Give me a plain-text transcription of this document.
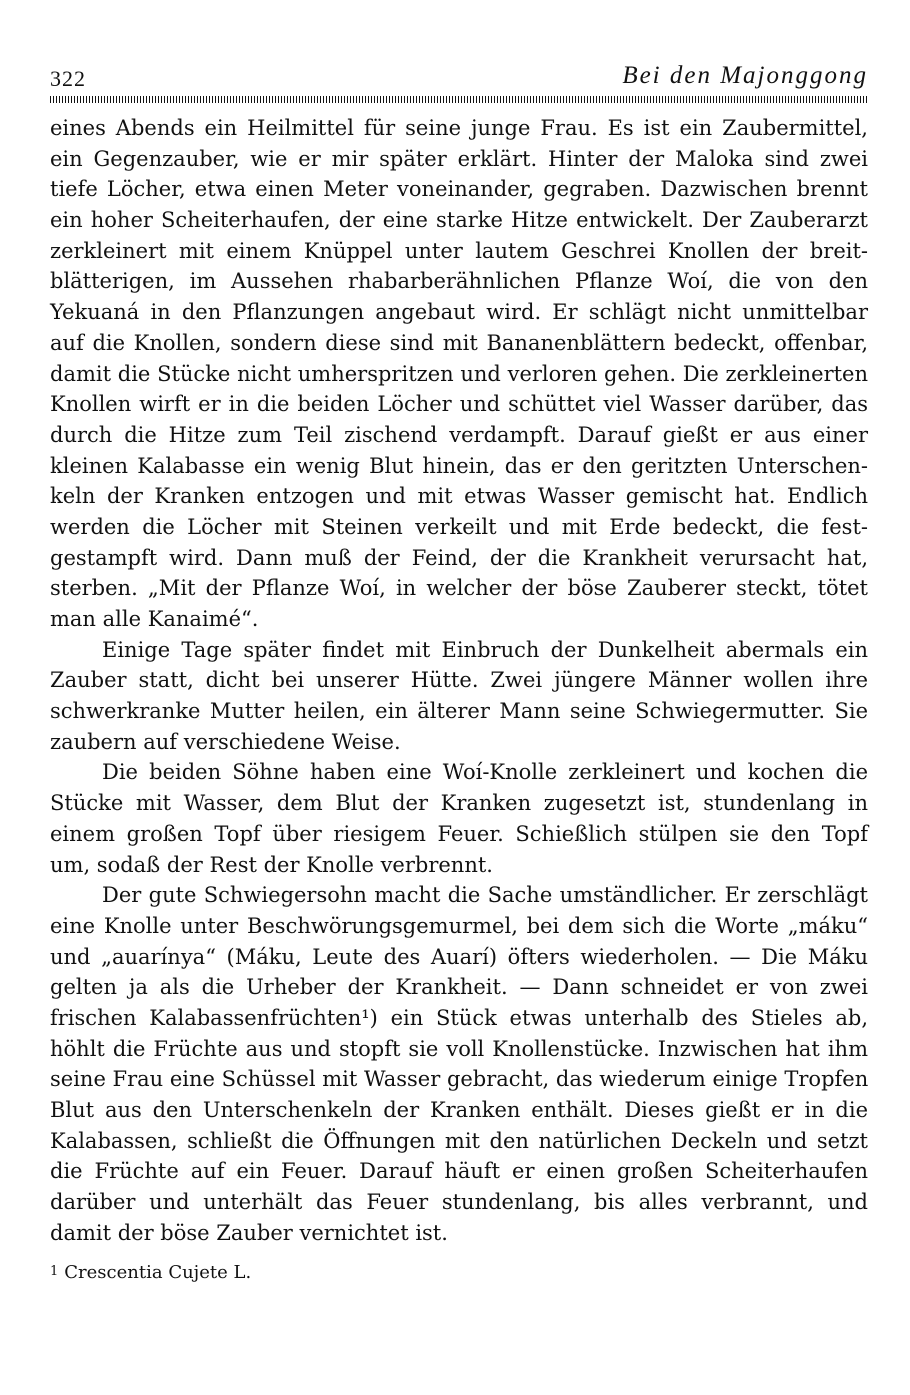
322	Bei den Majonggong
eines Abends ein Heilmittel für seine junge Frau. Es ist ein Zaubermittel,
ein Gegenzauber, wie er mir später erklärt. Hinter der Maloka sind zwei
tiefe Löcher, etwa einen Meter voneinander, gegraben. Dazwischen brennt
ein hoher Scheiterhaufen, der eine starke Hitze entwickelt. Der Zauberarzt
zerkleinert mit einem Knüppel unter lautem Geschrei Knollen der breit-
blätterigen, im Aussehen rhabarberähnlichen Pflanze Woí, die von den
Yekuaná in den Pflanzungen angebaut wird. Er schlägt nicht unmittelbar
auf die Knollen, sondern diese sind mit Bananenblättern bedeckt, offenbar,
damit die Stücke nicht umherspritzen und verloren gehen. Die zerkleinerten
Knollen wirft er in die beiden Löcher und schüttet viel Wasser darüber, das
durch die Hitze zum Teil zischend verdampft. Darauf gießt er aus einer
kleinen Kalabasse ein wenig Blut hinein, das er den geritzten Unterschen-
keln der Kranken entzogen und mit etwas Wasser gemischt hat. Endlich
werden die Löcher mit Steinen verkeilt und mit Erde bedeckt, die fest-
gestampft wird. Dann muß der Feind, der die Krankheit verursacht hat,
sterben. „Mit der Pflanze Woí, in welcher der böse Zauberer steckt, tötet
man alle Kanaimé“.
Einige Tage später findet mit Einbruch der Dunkelheit abermals ein
Zauber statt, dicht bei unserer Hütte. Zwei jüngere Männer wollen ihre
schwerkranke Mutter heilen, ein älterer Mann seine Schwiegermutter. Sie
zaubern auf verschiedene Weise.
Die beiden Söhne haben eine Woí-Knolle zerkleinert und kochen die
Stücke mit Wasser, dem Blut der Kranken zugesetzt ist, stundenlang in
einem großen Topf über riesigem Feuer. Schießlich stülpen sie den Topf
um, sodaß der Rest der Knolle verbrennt.
Der gute Schwiegersohn macht die Sache umständlicher. Er zerschlägt
eine Knolle unter Beschwörungsgemurmel, bei dem sich die Worte „máku“
und „auarínya“ (Máku, Leute des Auarí) öfters wiederholen. — Die Máku
gelten ja als die Urheber der Krankheit. — Dann schneidet er von zwei
frischen Kalabassenfrüchten¹) ein Stück etwas unterhalb des Stieles ab,
höhlt die Früchte aus und stopft sie voll Knollenstücke. Inzwischen hat ihm
seine Frau eine Schüssel mit Wasser gebracht, das wiederum einige Tropfen
Blut aus den Unterschenkeln der Kranken enthält. Dieses gießt er in die
Kalabassen, schließt die Öffnungen mit den natürlichen Deckeln und setzt
die Früchte auf ein Feuer. Darauf häuft er einen großen Scheiterhaufen
darüber und unterhält das Feuer stundenlang, bis alles verbrannt, und
damit der böse Zauber vernichtet ist.
1 Crescentia Cujete L.
